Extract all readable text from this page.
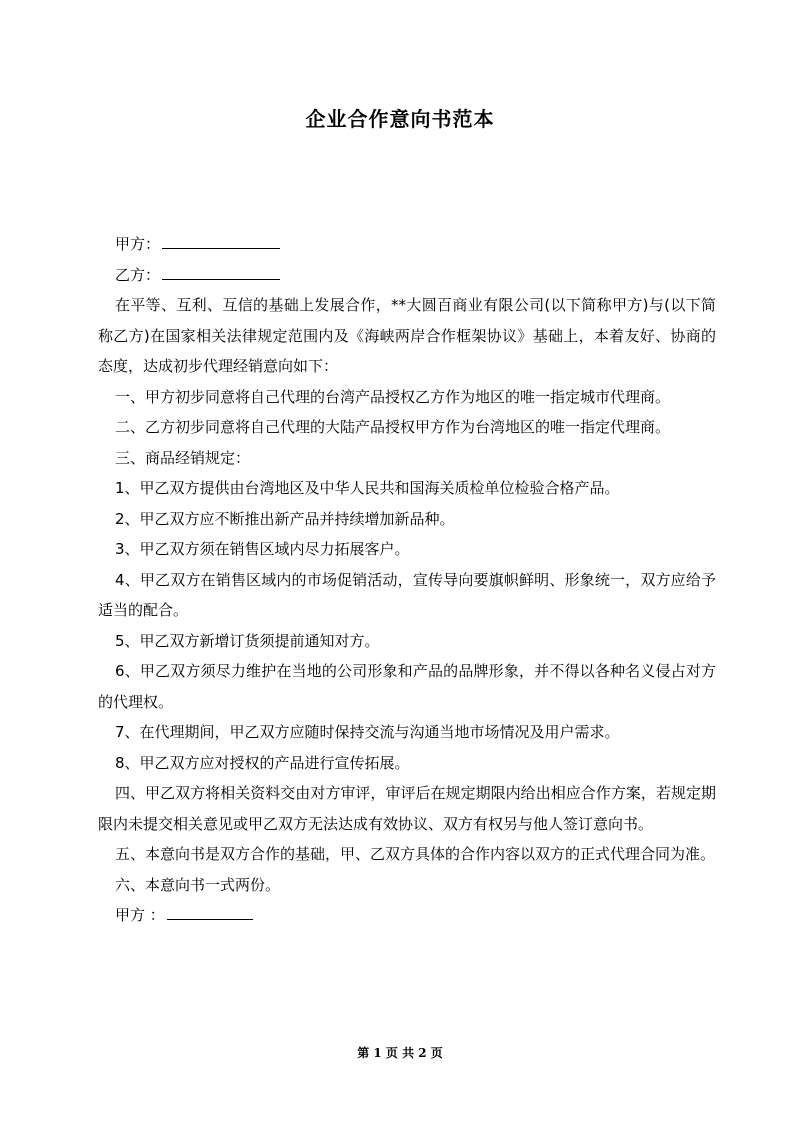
企业合作意向书范本

甲方：

乙方：

在平等、互利、互信的基础上发展合作，**大圆百商业有限公司(以下简称甲方)与(以下简称乙方)在国家相关法律规定范围内及《海峡两岸合作框架协议》基础上，本着友好、协商的态度，达成初步代理经销意向如下：

一、甲方初步同意将自己代理的台湾产品授权乙方作为地区的唯一指定城市代理商。

二、乙方初步同意将自己代理的大陆产品授权甲方作为台湾地区的唯一指定代理商。

三、商品经销规定：

1、甲乙双方提供由台湾地区及中华人民共和国海关质检单位检验合格产品。

2、甲乙双方应不断推出新产品并持续增加新品种。

3、甲乙双方须在销售区域内尽力拓展客户。

4、甲乙双方在销售区域内的市场促销活动，宣传导向要旗帜鲜明、形象统一，双方应给予适当的配合。

5、甲乙双方新增订货须提前通知对方。

6、甲乙双方须尽力维护在当地的公司形象和产品的品牌形象，并不得以各种名义侵占对方的代理权。

7、在代理期间，甲乙双方应随时保持交流与沟通当地市场情况及用户需求。

8、甲乙双方应对授权的产品进行宣传拓展。

四、甲乙双方将相关资料交由对方审评，审评后在规定期限内给出相应合作方案，若规定期限内未提交相关意见或甲乙双方无法达成有效协议、双方有权另与他人签订意向书。

五、本意向书是双方合作的基础，甲、乙双方具体的合作内容以双方的正式代理合同为准。

六、本意向书一式两份。

甲方 ：

第 1 页 共 2 页
